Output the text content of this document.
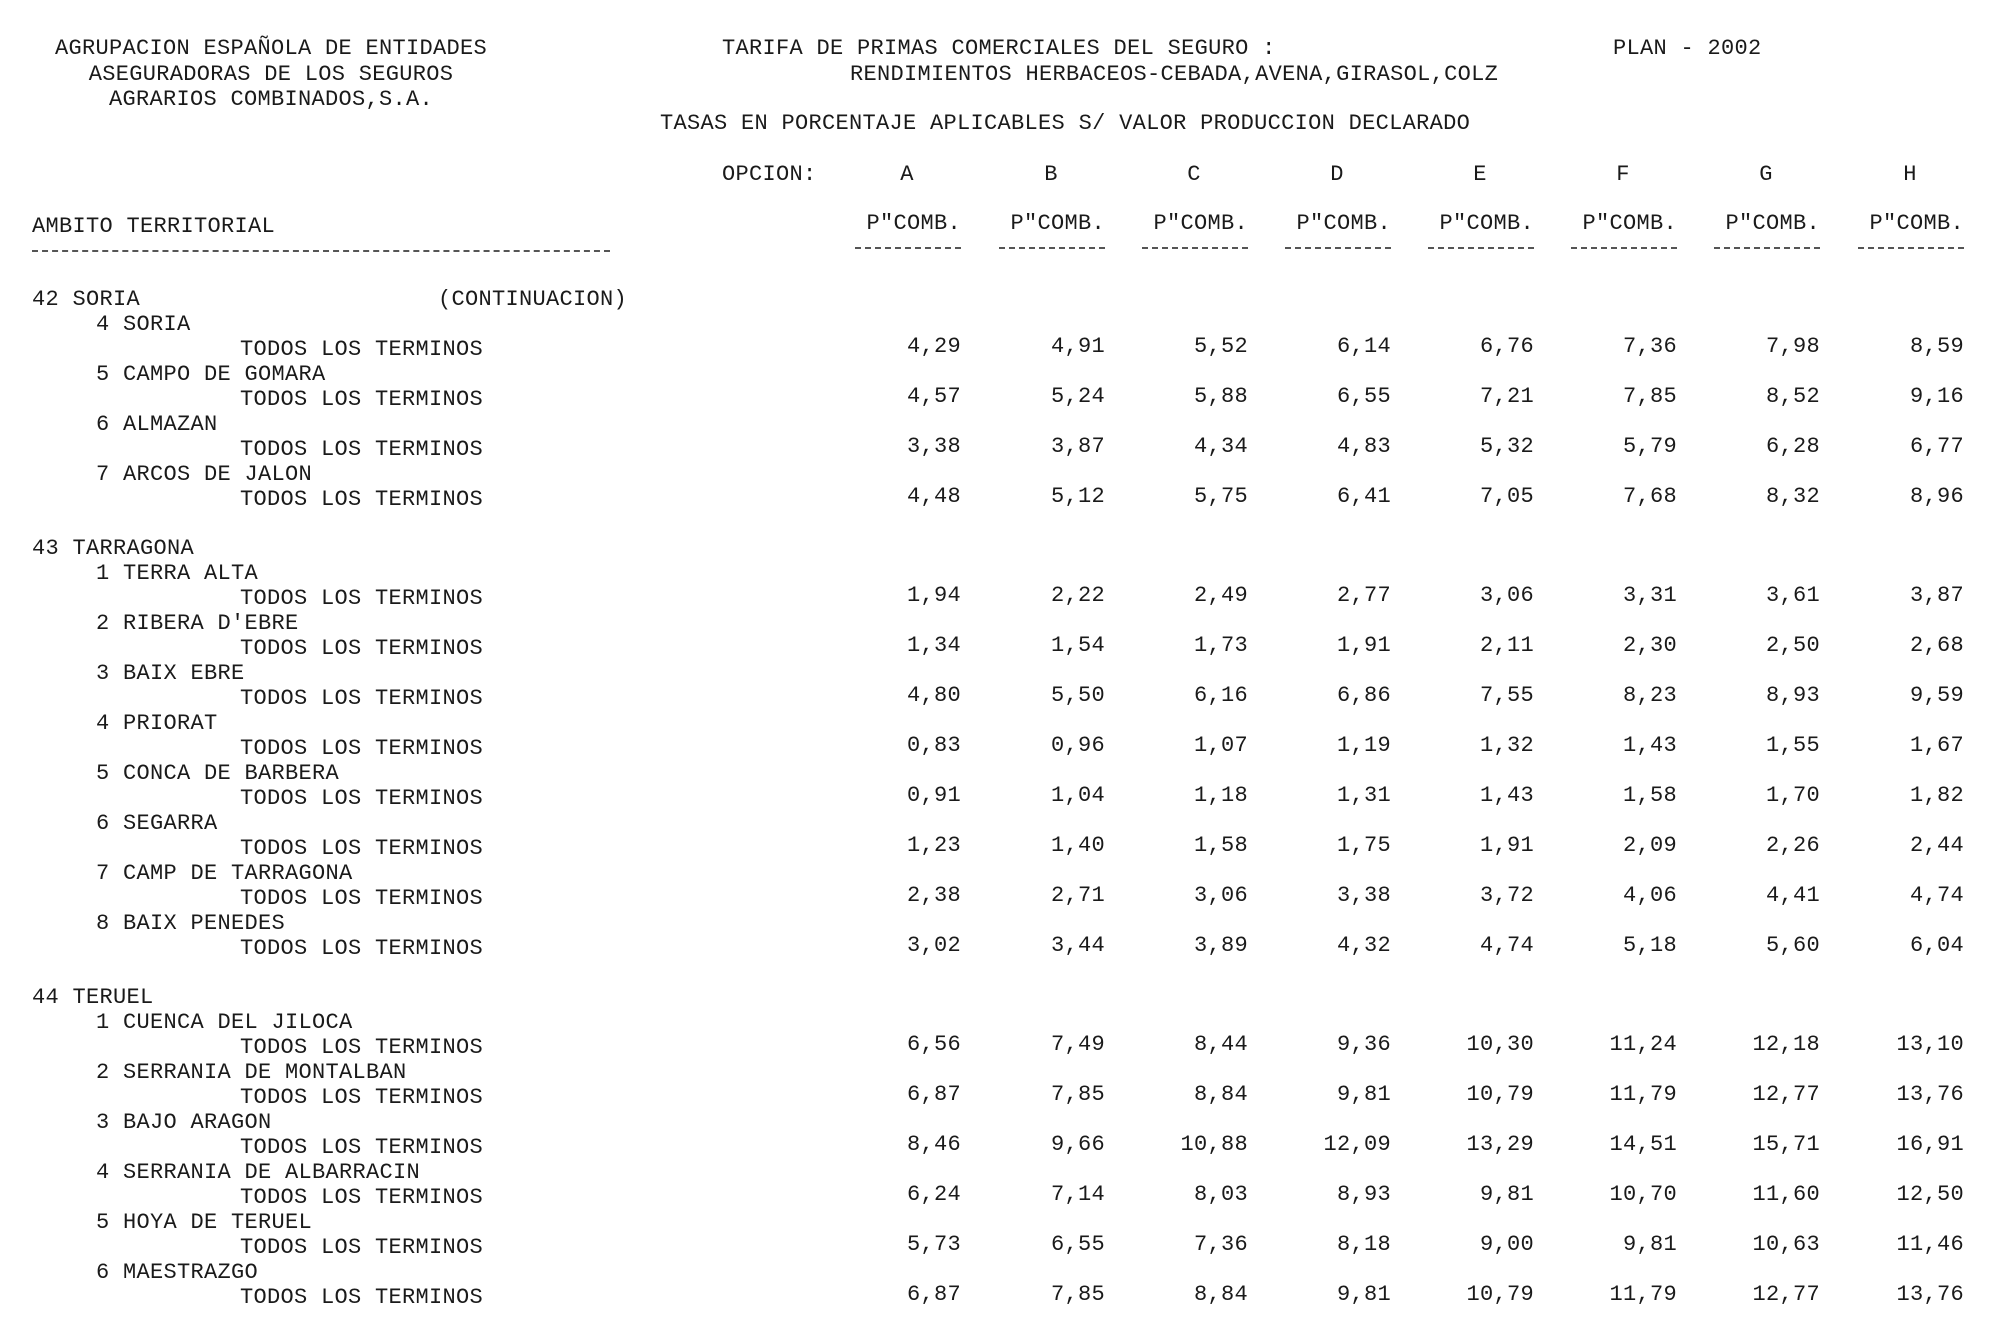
AGRUPACION ESPAÑOLA DE ENTIDADES
ASEGURADORAS DE LOS SEGUROS
AGRARIOS COMBINADOS,S.A.
TARIFA DE PRIMAS COMERCIALES DEL SEGURO :
RENDIMIENTOS HERBACEOS-CEBADA,AVENA,GIRASOL,COLZ
PLAN - 2002
TASAS EN PORCENTAJE APLICABLES S/ VALOR PRODUCCION DECLARADO
OPCION:	A	B	C	D	E	F	G	H
AMBITO TERRITORIAL	P"COMB. P"COMB. P"COMB. P"COMB. P"COMB. P"COMB. P"COMB. P"COMB.
42 SORIA	(CONTINUACION)
4 SORIA
TODOS LOS TERMINOS	4,29	4,91	5,52	6,14	6,76	7,36	7,98	8,59
5 CAMPO DE GOMARA
TODOS LOS TERMINOS	4,57	5,24	5,88	6,55	7,21	7,85	8,52	9,16
6 ALMAZAN
TODOS LOS TERMINOS	3,38	3,87	4,34	4,83	5,32	5,79	6,28	6,77
7 ARCOS DE JALON
TODOS LOS TERMINOS	4,48	5,12	5,75	6,41	7,05	7,68	8,32	8,96
43 TARRAGONA
1 TERRA ALTA
TODOS LOS TERMINOS	1,94	2,22	2,49	2,77	3,06	3,31	3,61	3,87
2 RIBERA D'EBRE
TODOS LOS TERMINOS	1,34	1,54	1,73	1,91	2,11	2,30	2,50	2,68
3 BAIX EBRE
TODOS LOS TERMINOS	4,80	5,50	6,16	6,86	7,55	8,23	8,93	9,59
4 PRIORAT
TODOS LOS TERMINOS	0,83	0,96	1,07	1,19	1,32	1,43	1,55	1,67
5 CONCA DE BARBERA
TODOS LOS TERMINOS	0,91	1,04	1,18	1,31	1,43	1,58	1,70	1,82
6 SEGARRA
TODOS LOS TERMINOS	1,23	1,40	1,58	1,75	1,91	2,09	2,26	2,44
7 CAMP DE TARRAGONA
TODOS LOS TERMINOS	2,38	2,71	3,06	3,38	3,72	4,06	4,41	4,74
8 BAIX PENEDES
TODOS LOS TERMINOS	3,02	3,44	3,89	4,32	4,74	5,18	5,60	6,04
44 TERUEL
1 CUENCA DEL JILOCA
TODOS LOS TERMINOS	6,56	7,49	8,44	9,36	10,30	11,24	12,18	13,10
2 SERRANIA DE MONTALBAN
TODOS LOS TERMINOS	6,87	7,85	8,84	9,81	10,79	11,79	12,77	13,76
3 BAJO ARAGON
TODOS LOS TERMINOS	8,46	9,66	10,88	12,09	13,29	14,51	15,71	16,91
4 SERRANIA DE ALBARRACIN
TODOS LOS TERMINOS	6,24	7,14	8,03	8,93	9,81	10,70	11,60	12,50
5 HOYA DE TERUEL
TODOS LOS TERMINOS	5,73	6,55	7,36	8,18	9,00	9,81	10,63	11,46
6 MAESTRAZGO
TODOS LOS TERMINOS	6,87	7,85	8,84	9,81	10,79	11,79	12,77	13,76
